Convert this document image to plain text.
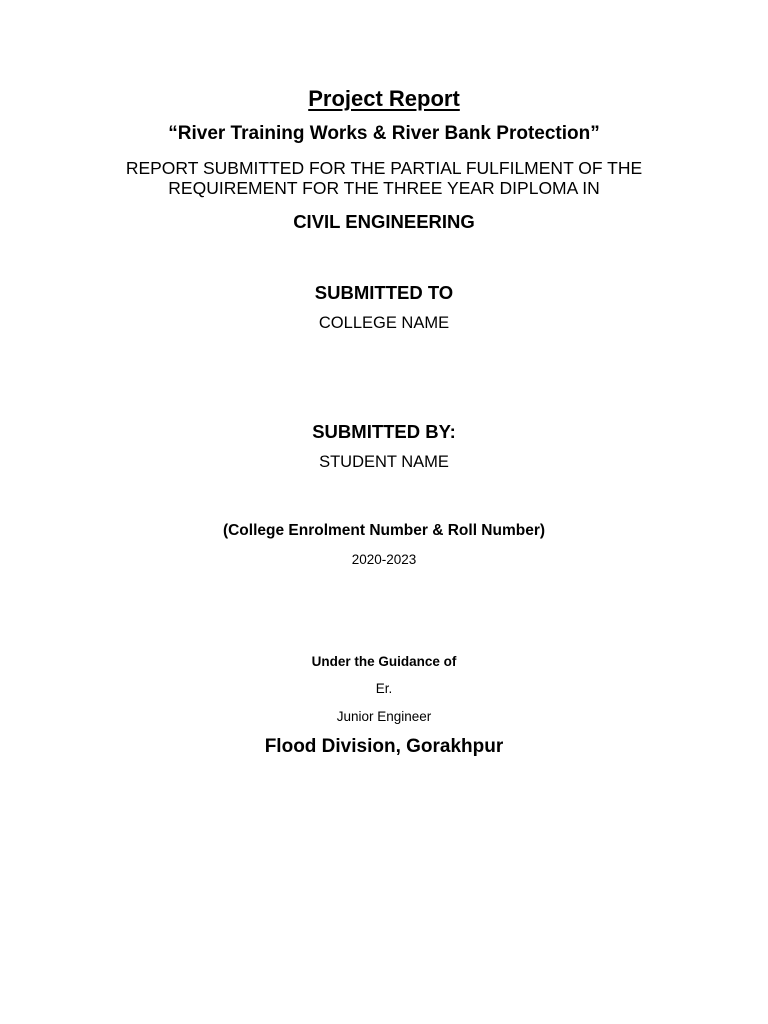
Project Report
“River Training Works & River Bank Protection”
REPORT SUBMITTED FOR THE PARTIAL FULFILMENT OF THE
REQUIREMENT FOR THE THREE YEAR DIPLOMA IN
CIVIL ENGINEERING
SUBMITTED TO
COLLEGE NAME
SUBMITTED BY:
STUDENT NAME
(College Enrolment Number & Roll Number)
2020-2023
Under the Guidance of
Er.
Junior Engineer
Flood Division, Gorakhpur
